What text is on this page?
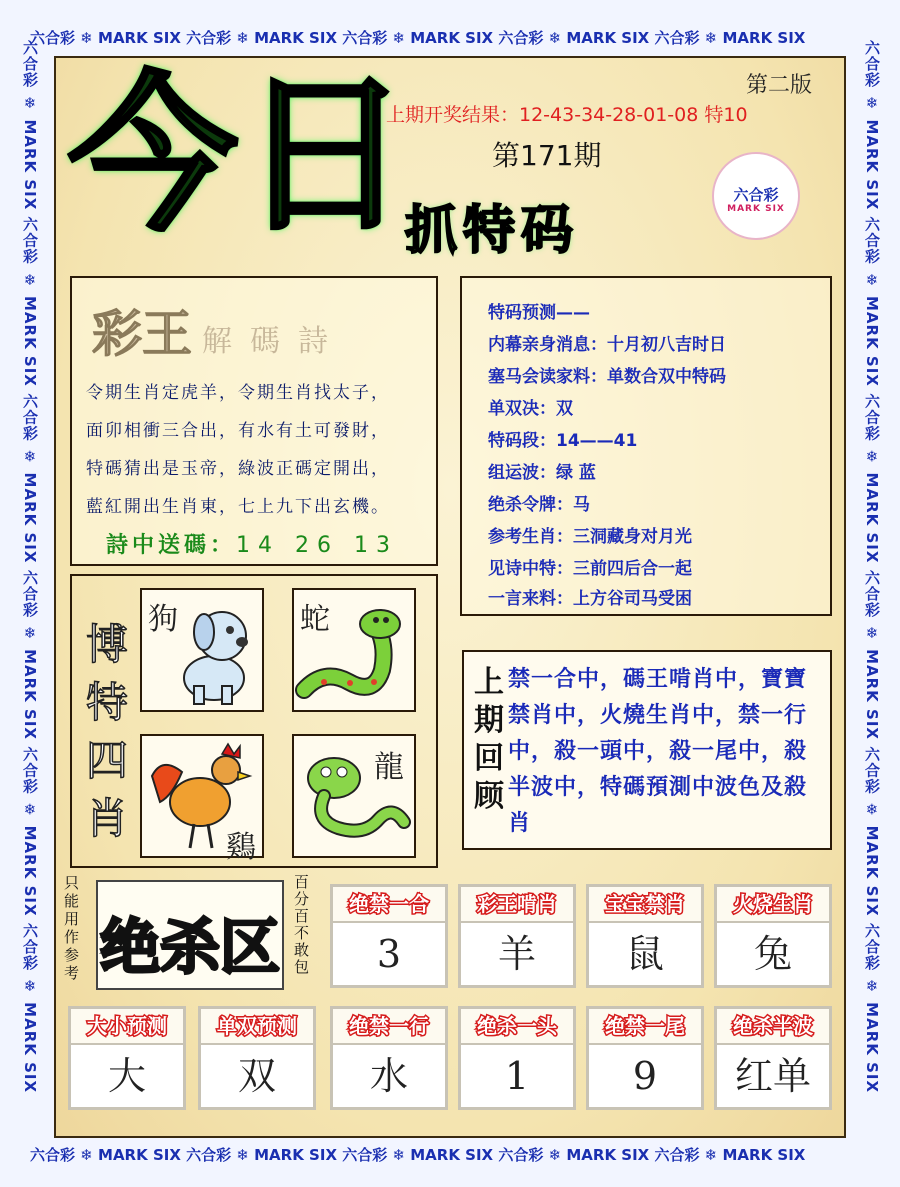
六合彩 ❄ MARK SIX 六合彩 ❄ MARK SIX 六合彩 ❄ MARK SIX 六合彩 ❄ MARK SIX 六合彩 ❄ MARK SIX
六合彩 ❄ MARK SIX 六合彩 ❄ MARK SIX 六合彩 ❄ MARK SIX 六合彩 ❄ MARK SIX 六合彩 ❄ MARK SIX
六合彩 ❄ MARK SIX 六合彩 ❄ MARK SIX 六合彩 ❄ MARK SIX 六合彩 ❄ MARK SIX 六合彩 ❄ MARK SIX 六合彩 ❄ MARK SIX	六合彩 ❄ MARK SIX 六合彩 ❄ MARK SIX 六合彩 ❄ MARK SIX 六合彩 ❄ MARK SIX 六合彩 ❄ MARK SIX 六合彩 ❄ MARK SIX
今 日
抓特码
第二版
上期开奖结果：12-43-34-28-01-08 特10
第171期
六合彩
MARK SIX
彩王 解碼詩
令期生肖定虎羊，令期生肖找太子，
面卯相衝三合出，有水有土可發財，
特碼猜出是玉帝，綠波正碼定開出，
藍紅開出生肖東，七上九下出玄機。
詩中送碼：14 26 13
博
特
四
肖
狗	蛇
鷄
龍
特码预测——
内幕亲身消息：十月初八吉时日
塞马会读家料：单数合双中特码
单双决：双
特码段：14——41
组运波：绿 蓝
绝杀令牌：马
参考生肖：三洞藏身对月光
见诗中特：三前四后合一起
一言来料：上方谷司马受困
上
期
回
顾
禁一合中，碼王啃肖中，寶寶禁肖中，火燒生肖中，禁一行中，殺一頭中，殺一尾中，殺半波中，特碼預測中波色及殺肖
只能用作参考 绝杀区
百分百不敢包
绝禁一合
3
彩王啃肖
羊
宝宝禁肖
鼠
火烧生肖
兔
大小预测
大
单双预测
双
绝禁一行
水
绝杀一头
1
绝禁一尾
9
绝杀半波
红单
